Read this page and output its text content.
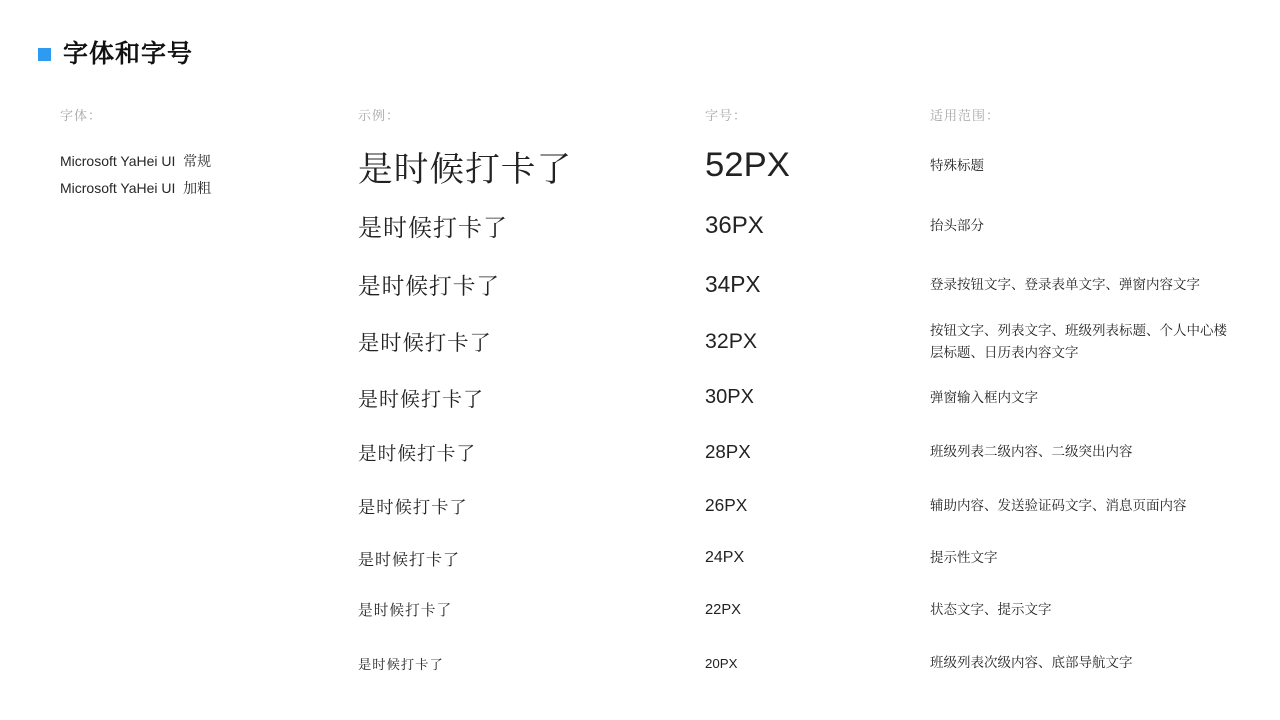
字体和字号
字体：
Microsoft YaHei UI  常规
Microsoft YaHei UI  加粗
示例：	字号：	适用范围：
是时候打卡了	52PX	特殊标题
是时候打卡了	36PX	抬头部分
是时候打卡了	34PX	登录按钮文字、登录表单文字、弹窗内容文字
是时候打卡了	32PX	按钮文字、列表文字、班级列表标题、个人中心楼层标题、日历表内容文字
是时候打卡了	30PX	弹窗输入框内文字
是时候打卡了	28PX	班级列表二级内容、二级突出内容
是时候打卡了	26PX	辅助内容、发送验证码文字、消息页面内容
是时候打卡了	24PX	提示性文字
是时候打卡了	22PX	状态文字、提示文字
是时候打卡了	20PX	班级列表次级内容、底部导航文字
